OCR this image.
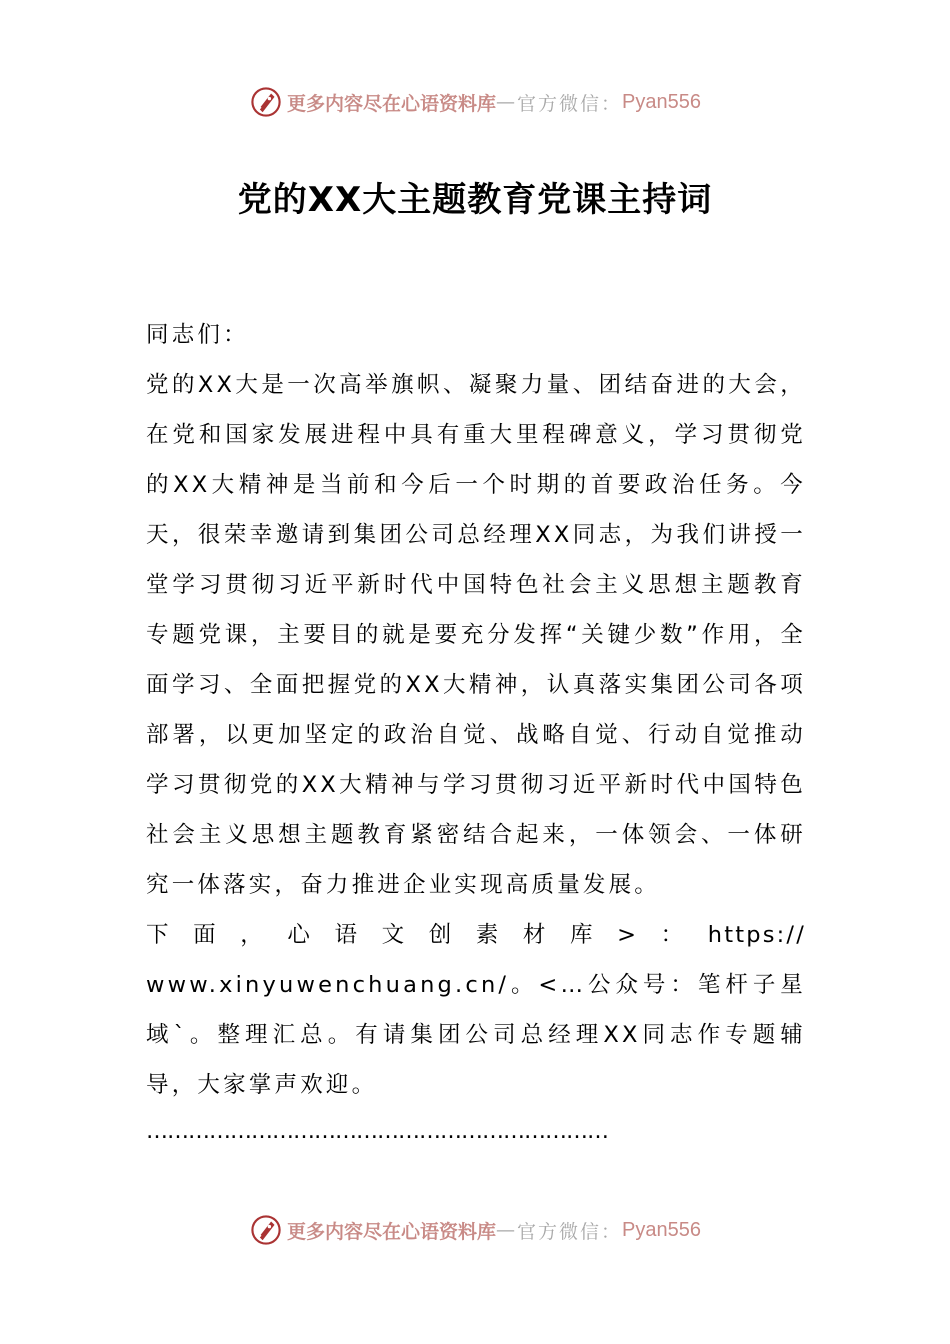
更多内容尽在心语资料库 — 官方微信： Pyan556
党的XX大主题教育党课主持词

同志们：

党的XX大是一次高举旗帜、凝聚力量、团结奋进的大会，在党和国家发展进程中具有重大里程碑意义，学习贯彻党的XX大精神是当前和今后一个时期的首要政治任务。今天，很荣幸邀请到集团公司总经理XX同志，为我们讲授一堂学习贯彻习近平新时代中国特色社会主义思想主题教育专题党课，主要目的就是要充分发挥“关键少数”作用，全面学习、全面把握党的XX大精神，认真落实集团公司各项部署，以更加坚定的政治自觉、战略自觉、行动自觉推动学习贯彻党的XX大精神与学习贯彻习近平新时代中国特色社会主义思想主题教育紧密结合起来，一体领会、一体研究一体落实，奋力推进企业实现高质量发展。

下面，心语文创素材库>：https://

www.xinyuwenchuang.cn/。<…公众号：笔杆子星域`。整理汇总。有请集团公司总经理XX同志作专题辅导，大家掌声欢迎。

…………………………………………………………
更多内容尽在心语资料库 — 官方微信： Pyan556
